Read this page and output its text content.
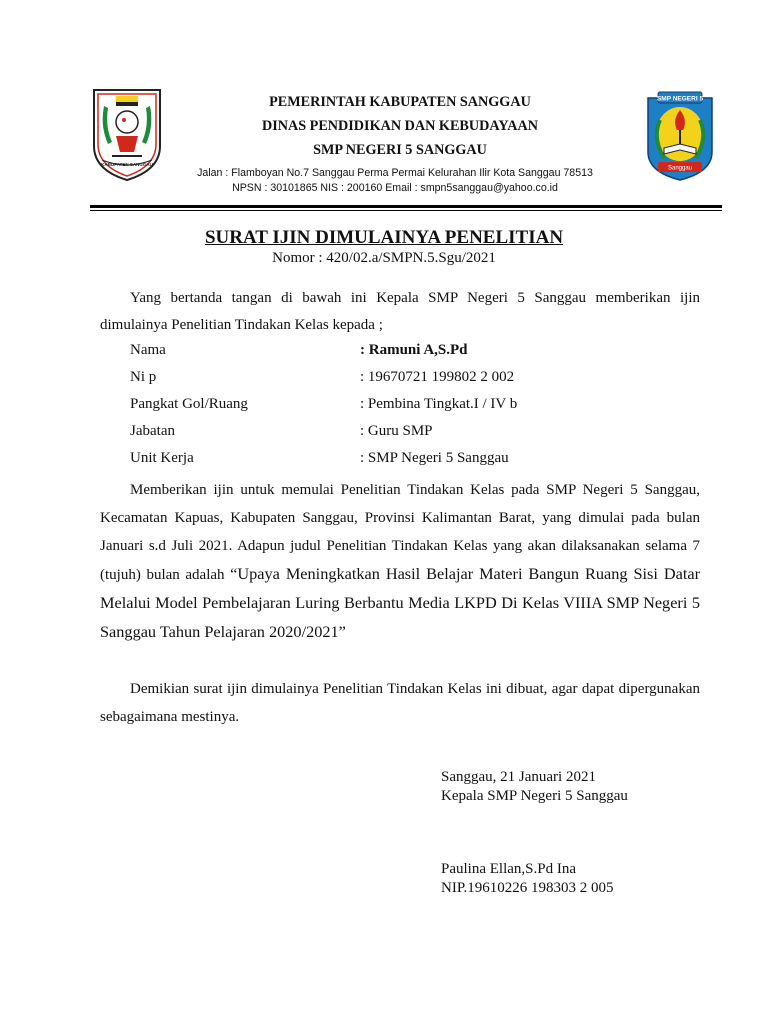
KABUPATEN SANGGAU
PEMERINTAH KABUPATEN SANGGAU
DINAS PENDIDIKAN DAN KEBUDAYAAN
SMP NEGERI 5 SANGGAU
Jalan : Flamboyan No.7 Sanggau Perma Permai Kelurahan Ilir Kota Sanggau 78513
NPSN : 30101865 NIS : 200160 Email : smpn5sanggau@yahoo.co.id
SMP NEGERI 5
Sanggau
SURAT IJIN DIMULAINYA PENELITIAN
Nomor : 420/02.a/SMPN.5.Sgu/2021
Yang bertanda tangan di bawah ini Kepala SMP Negeri 5 Sanggau memberikan ijin dimulainya Penelitian Tindakan Kelas kepada ;
Nama	: Ramuni A,S.Pd
Ni p	: 19670721 199802 2 002
Pangkat Gol/Ruang	: Pembina Tingkat.I / IV b
Jabatan	: Guru SMP
Unit Kerja	: SMP Negeri 5 Sanggau
Memberikan ijin untuk memulai Penelitian Tindakan Kelas pada SMP Negeri 5 Sanggau, Kecamatan Kapuas, Kabupaten Sanggau, Provinsi Kalimantan Barat, yang dimulai pada bulan Januari s.d Juli 2021. Adapun judul Penelitian Tindakan Kelas yang akan dilaksanakan selama 7 (tujuh) bulan adalah “Upaya Meningkatkan Hasil Belajar Materi Bangun Ruang Sisi Datar Melalui Model Pembelajaran Luring Berbantu Media LKPD Di Kelas VIIIA SMP Negeri 5 Sanggau Tahun Pelajaran 2020/2021”
Demikian surat ijin dimulainya Penelitian Tindakan Kelas ini dibuat, agar dapat dipergunakan sebagaimana mestinya.
Sanggau, 21 Januari 2021
Kepala SMP Negeri 5 Sanggau
Paulina Ellan,S.Pd Ina
NIP.19610226 198303 2 005
